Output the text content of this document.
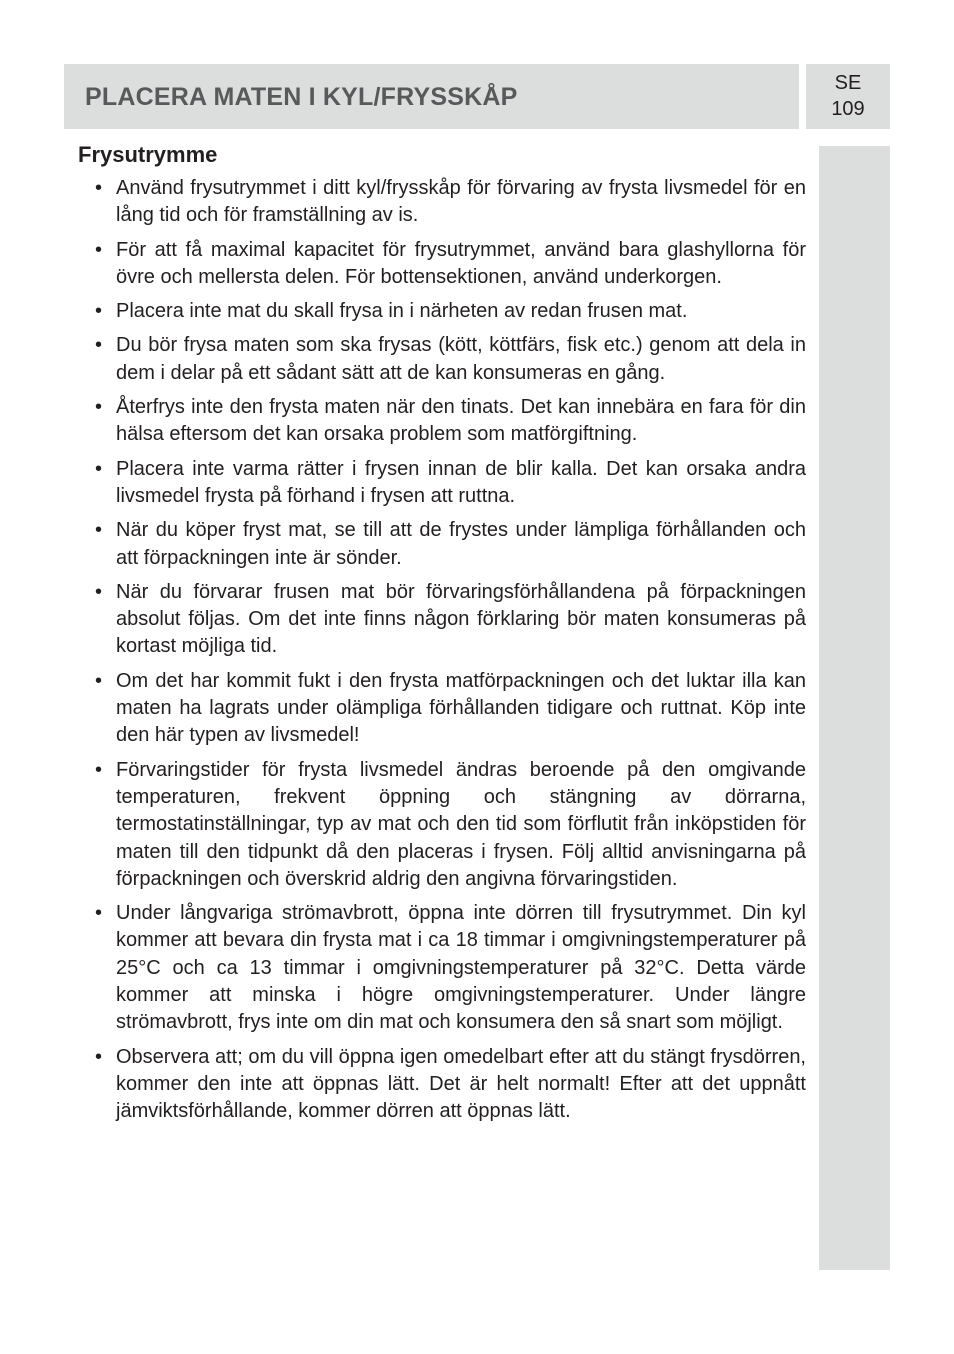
PLACERA MATEN I KYL/FRYSSKÅP	SE
109
Frysutrymme
• Använd frysutrymmet i ditt kyl/frysskåp för förvaring av frysta livsmedel för en lång tid och för framställning av is.
• För att få maximal kapacitet för frysutrymmet, använd bara glashyllorna för övre och mellersta delen. För bottensektionen, använd underkorgen.
• Placera inte mat du skall frysa in i närheten av redan frusen mat.
• Du bör frysa maten som ska frysas (kött, köttfärs, fisk etc.) genom att dela in dem i delar på ett sådant sätt att de kan konsumeras en gång.
• Återfrys inte den frysta maten när den tinats. Det kan innebära en fara för din hälsa eftersom det kan orsaka problem som matförgiftning.
• Placera inte varma rätter i frysen innan de blir kalla. Det kan orsaka andra livsmedel frysta på förhand i frysen att ruttna.
• När du köper fryst mat, se till att de frystes under lämpliga förhållanden och att förpackningen inte är sönder.
• När du förvarar frusen mat bör förvaringsförhållandena på förpackningen absolut följas. Om det inte finns någon förklaring bör maten konsumeras på kortast möjliga tid.
• Om det har kommit fukt i den frysta matförpackningen och det luktar illa kan maten ha lagrats under olämpliga förhållanden tidigare och ruttnat. Köp inte den här typen av livsmedel!
• Förvaringstider för frysta livsmedel ändras beroende på den omgivande temperaturen, frekvent öppning och stängning av dörrarna, termostatinställningar, typ av mat och den tid som förflutit från inköpstiden för maten till den tidpunkt då den placeras i frysen. Följ alltid anvisningarna på förpackningen och överskrid aldrig den angivna förvaringstiden.
• Under långvariga strömavbrott, öppna inte dörren till frysutrymmet. Din kyl kommer att bevara din frysta mat i ca 18 timmar i omgivningstemperaturer på 25°C och ca 13 timmar i omgivningstemperaturer på 32°C. Detta värde kommer att minska i högre omgivningstemperaturer. Under längre strömavbrott, frys inte om din mat och konsumera den så snart som möjligt.
• Observera att; om du vill öppna igen omedelbart efter att du stängt frysdörren, kommer den inte att öppnas lätt. Det är helt normalt! Efter att det uppnått jämviktsförhållande, kommer dörren att öppnas lätt.
